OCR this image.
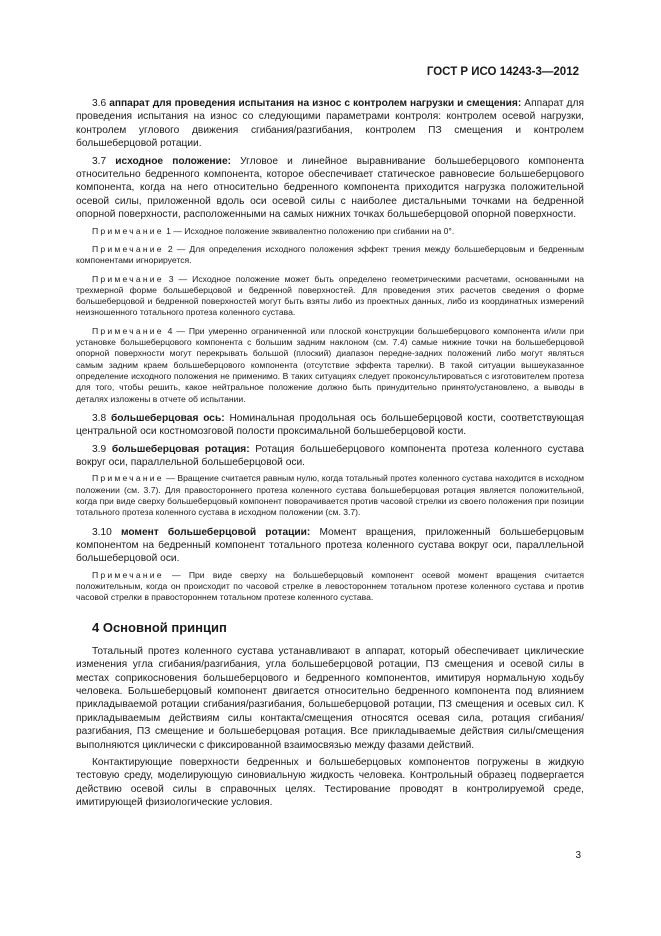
ГОСТ Р ИСО 14243-3—2012
3.6 аппарат для проведения испытания на износ с контролем нагрузки и смещения: Аппарат для проведения испытания на износ со следующими параметрами контроля: контролем осевой нагрузки, контролем углового движения сгибания/разгибания, контролем ПЗ смещения и контролем большеберцовой ротации.
3.7 исходное положение: Угловое и линейное выравнивание большеберцового компонента относительно бедренного компонента, которое обеспечивает статическое равновесие большеберцового компонента, когда на него относительно бедренного компонента приходится нагрузка положительной осевой силы, приложенной вдоль оси осевой силы с наиболее дистальными точками на бедренной опорной поверхности, расположенными на самых нижних точках большеберцовой опорной поверхности.
Примечание 1 — Исходное положение эквивалентно положению при сгибании на 0°.
Примечание 2 — Для определения исходного положения эффект трения между большеберцовым и бедренным компонентами игнорируется.
Примечание 3 — Исходное положение может быть определено геометрическими расчетами, основанными на трехмерной форме большеберцовой и бедренной поверхностей. Для проведения этих расчетов сведения о форме большеберцовой и бедренной поверхностей могут быть взяты либо из проектных данных, либо из координатных измерений неизношенного тотального протеза коленного сустава.
Примечание 4 — При умеренно ограниченной или плоской конструкции большеберцового компонента и/или при установке большеберцового компонента с большим задним наклоном (см. 7.4) самые нижние точки на большеберцовой опорной поверхности могут перекрывать большой (плоский) диапазон передне-задних положений либо могут являться самым задним краем большеберцового компонента (отсутствие эффекта тарелки). В такой ситуации вышеуказанное определение исходного положения не применимо. В таких ситуациях следует проконсультироваться с изготовителем протеза для того, чтобы решить, какое нейтральное положение должно быть принудительно принято/установлено, а выводы в деталях изложены в отчете об испытании.
3.8 большеберцовая ось: Номинальная продольная ось большеберцовой кости, соответствующая центральной оси костномозговой полости проксимальной большеберцовой кости.
3.9 большеберцовая ротация: Ротация большеберцового компонента протеза коленного сустава вокруг оси, параллельной большеберцовой оси.
Примечание — Вращение считается равным нулю, когда тотальный протез коленного сустава находится в исходном положении (см. 3.7). Для правостороннего протеза коленного сустава большеберцовая ротация является положительной, когда при виде сверху большеберцовый компонент поворачивается против часовой стрелки из своего положения при позиции тотального протеза коленного сустава в исходном положении (см. 3.7).
3.10 момент большеберцовой ротации: Момент вращения, приложенный большеберцовым компонентом на бедренный компонент тотального протеза коленного сустава вокруг оси, параллельной большеберцовой оси.
Примечание — При виде сверху на большеберцовый компонент осевой момент вращения считается положительным, когда он происходит по часовой стрелке в левостороннем тотальном протезе коленного сустава и против часовой стрелки в правостороннем тотальном протезе коленного сустава.
4 Основной принцип
Тотальный протез коленного сустава устанавливают в аппарат, который обеспечивает циклические изменения угла сгибания/разгибания, угла большеберцовой ротации, ПЗ смещения и осевой силы в местах соприкосновения большеберцового и бедренного компонентов, имитируя нормальную ходьбу человека. Большеберцовый компонент двигается относительно бедренного компонента под влиянием прикладываемой ротации сгибания/разгибания, большеберцовой ротации, ПЗ смещения и осевых сил. К прикладываемым действиям силы контакта/смещения относятся осевая сила, ротация сгибания/разгибания, ПЗ смещение и большеберцовая ротация. Все прикладываемые действия силы/смещения выполняются циклически с фиксированной взаимосвязью между фазами действий.
Контактирующие поверхности бедренных и большеберцовых компонентов погружены в жидкую тестовую среду, моделирующую синовиальную жидкость человека. Контрольный образец подвергается действию осевой силы в справочных целях. Тестирование проводят в контролируемой среде, имитирующей физиологические условия.
3
